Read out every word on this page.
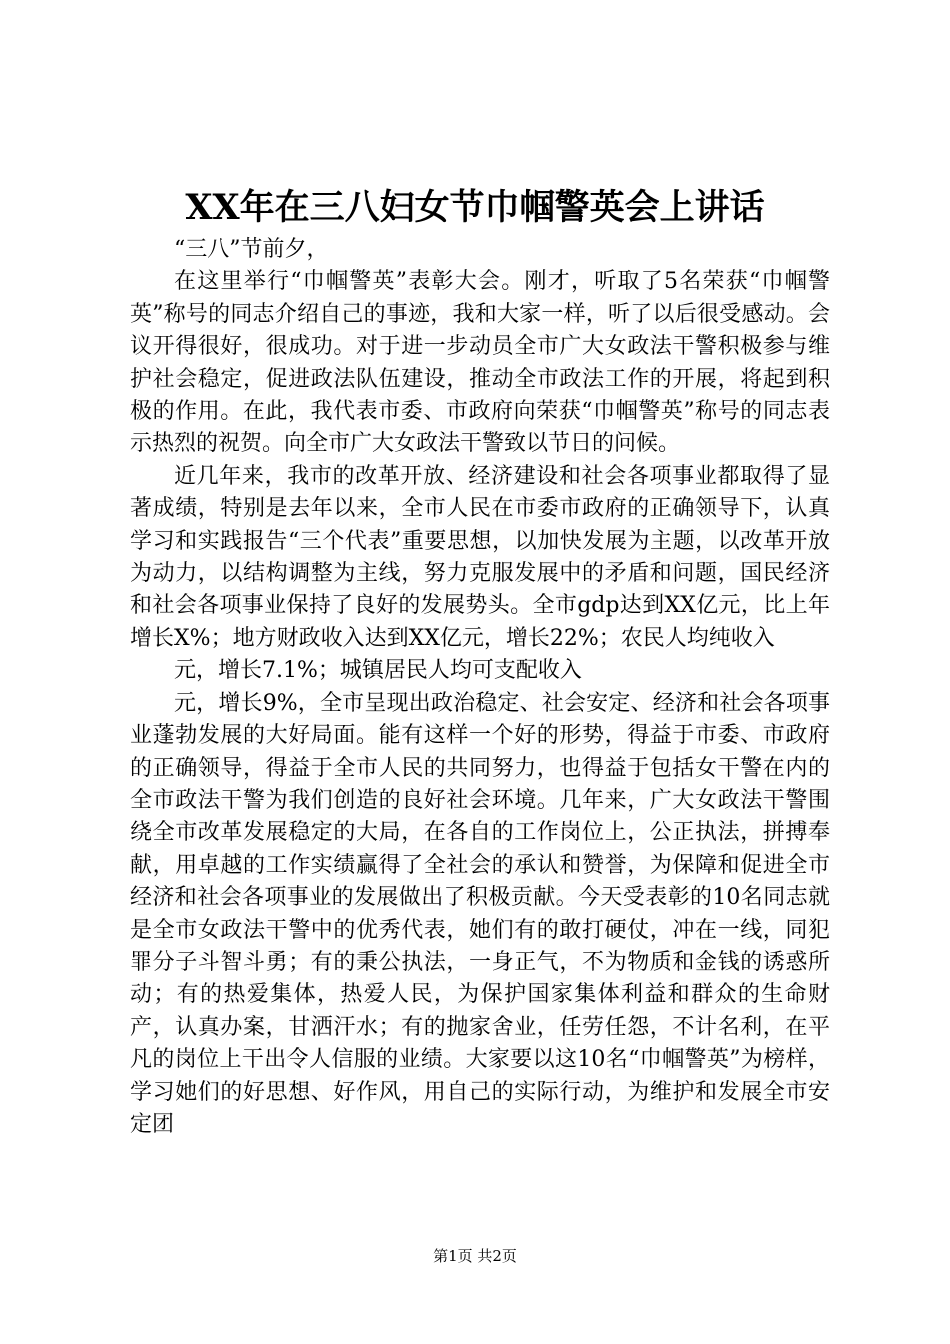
XX年在三八妇女节巾帼警英会上讲话

“三八”节前夕，

在这里举行“巾帼警英”表彰大会。刚才，听取了5名荣获“巾帼警英”称号的同志介绍自己的事迹，我和大家一样，听了以后很受感动。会议开得很好，很成功。对于进一步动员全市广大女政法干警积极参与维护社会稳定，促进政法队伍建设，推动全市政法工作的开展，将起到积极的作用。在此，我代表市委、市政府向荣获“巾帼警英”称号的同志表示热烈的祝贺。向全市广大女政法干警致以节日的问候。

近几年来，我市的改革开放、经济建设和社会各项事业都取得了显著成绩，特别是去年以来，全市人民在市委市政府的正确领导下，认真学习和实践报告“三个代表”重要思想，以加快发展为主题，以改革开放为动力，以结构调整为主线，努力克服发展中的矛盾和问题，国民经济和社会各项事业保持了良好的发展势头。全市gdp达到XX亿元，比上年增长X%；地方财政收入达到XX亿元，增长22%；农民人均纯收入

元，增长7.1%；城镇居民人均可支配收入

元，增长9%，全市呈现出政治稳定、社会安定、经济和社会各项事业蓬勃发展的大好局面。能有这样一个好的形势，得益于市委、市政府的正确领导，得益于全市人民的共同努力，也得益于包括女干警在内的全市政法干警为我们创造的良好社会环境。几年来，广大女政法干警围绕全市改革发展稳定的大局，在各自的工作岗位上，公正执法，拼搏奉献，用卓越的工作实绩赢得了全社会的承认和赞誉，为保障和促进全市经济和社会各项事业的发展做出了积极贡献。今天受表彰的10名同志就是全市女政法干警中的优秀代表，她们有的敢打硬仗，冲在一线，同犯罪分子斗智斗勇；有的秉公执法，一身正气，不为物质和金钱的诱惑所动；有的热爱集体，热爱人民，为保护国家集体利益和群众的生命财产，认真办案，甘洒汗水；有的抛家舍业，任劳任怨，不计名利，在平凡的岗位上干出令人信服的业绩。大家要以这10名“巾帼警英”为榜样，学习她们的好思想、好作风，用自己的实际行动，为维护和发展全市安定团

第1页 共2页
